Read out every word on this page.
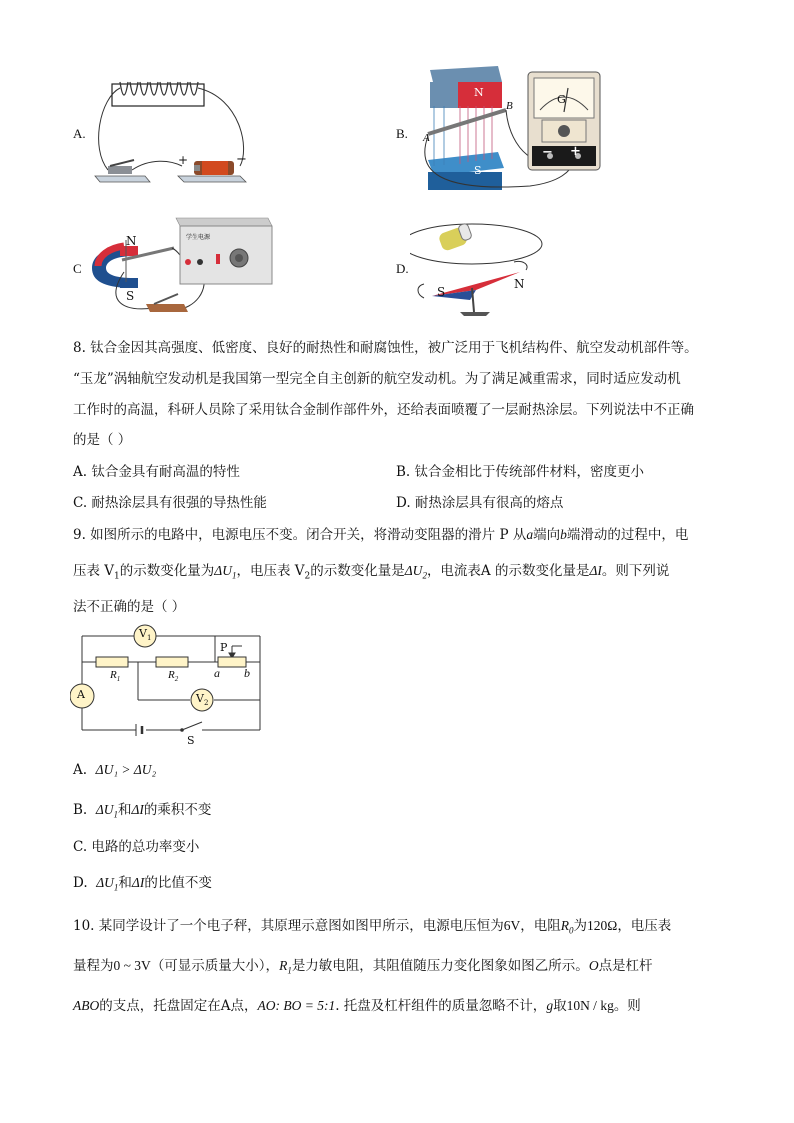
A.
+	−
B.
N
S
B
A
G
− +
C
N
S
学生电源
D.
N
S
8. 钛合金因其高强度、低密度、良好的耐热性和耐腐蚀性，被广泛用于飞机结构件、航空发动机部件等。
“玉龙”涡轴航空发动机是我国第一型完全自主创新的航空发动机。为了满足减重需求，同时适应发动机
工作时的高温，科研人员除了采用钛合金制作部件外，还给表面喷覆了一层耐热涂层。下列说法中不正确
的是（ ）
A. 钛合金具有耐高温的特性	B. 钛合金相比于传统部件材料，密度更小
C. 耐热涂层具有很强的导热性能	D. 耐热涂层具有很高的熔点
9. 如图所示的电路中，电源电压不变。闭合开关，将滑动变阻器的滑片 P 从a端向b端滑动的过程中，电
压表 $V_1$的示数变化量为$\Delta U_1$，电压表 $V_2$的示数变化量是$\Delta U_2$，电流表A 的示数变化量是ΔI。则下列说
法不正确的是（ ）
$V_1$
$V_2$
A
$R_1$	$R_2$
P
a b
S
A. ΔU₁ > ΔU₂
B. $\Delta U_1$和ΔI的乘积不变
C. 电路的总功率变小
D. $\Delta U_1$和ΔI的比值不变
10. 某同学设计了一个电子秤，其原理示意图如图甲所示，电源电压恒为6V，电阻$R_0$为120Ω，电压表
量程为0 ~ 3V（可显示质量大小），$R_1$是力敏电阻，其阻值随压力变化图象如图乙所示。O点是杠杆
ABO的支点，托盘固定在A点，AO: BO = 5:1. 托盘及杠杆组件的质量忽略不计，g取10N / kg。则
